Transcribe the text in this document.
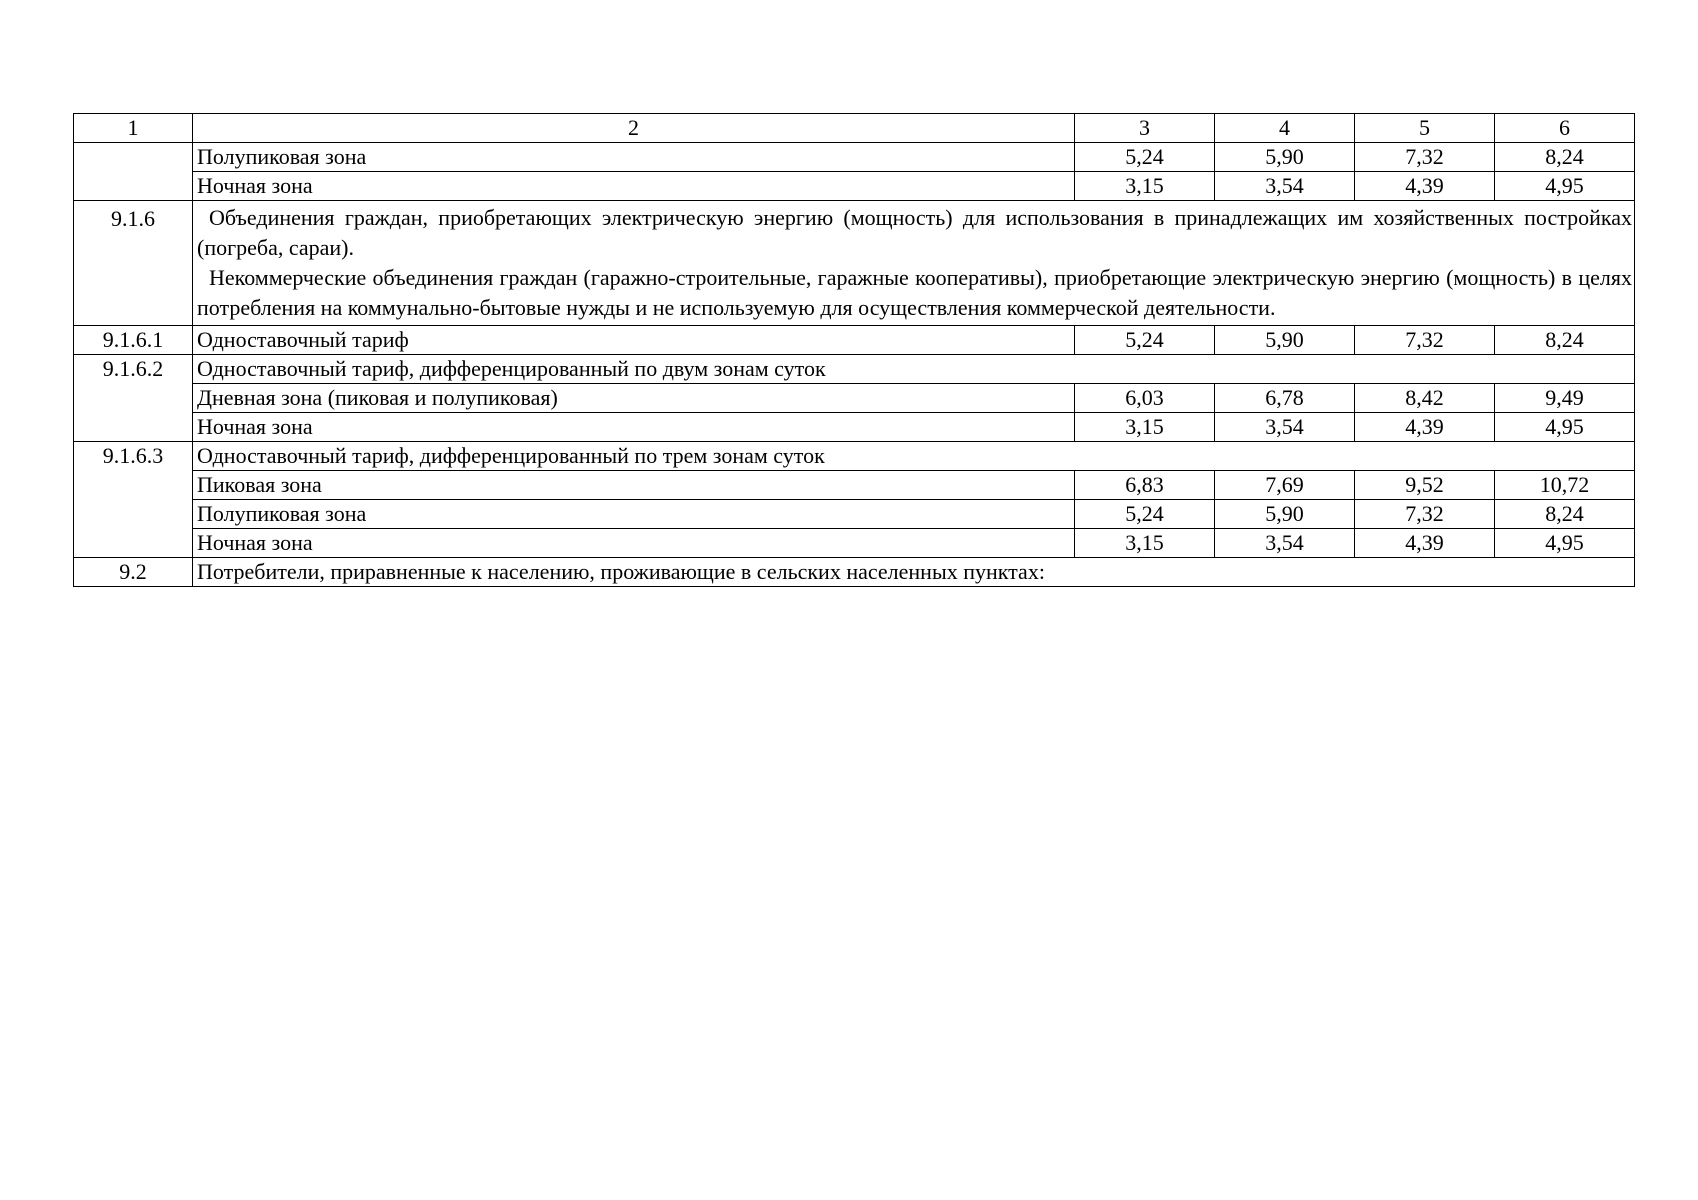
1	2	3	4	5	6
	Полупиковая зона	5,24	5,90	7,32	8,24
	Ночная зона	3,15	3,54	4,39	4,95
9.1.6	Объединения граждан, приобретающих электрическую энергию (мощность) для использования в принадлежащих им хозяйственных постройках (погреба, сараи).
Некоммерческие объединения граждан (гаражно-строительные, гаражные кооперативы), приобретающие электрическую энергию (мощность) в целях потребления на коммунально-бытовые нужды и не используемую для осуществления коммерческой деятельности.				

9.1.6.1	Одноставочный тариф	5,24	5,90	7,32	8,24
9.1.6.2	Одноставочный тариф, дифференцированный по двум зонам суток				
	Дневная зона (пиковая и полупиковая)	6,03	6,78	8,42	9,49
	Ночная зона	3,15	3,54	4,39	4,95
9.1.6.3	Одноставочный тариф, дифференцированный по трем зонам суток				
	Пиковая зона	6,83	7,69	9,52	10,72
	Полупиковая зона	5,24	5,90	7,32	8,24
	Ночная зона	3,15	3,54	4,39	4,95
9.2	Потребители, приравненные к населению, проживающие в сельских населенных пунктах:				
